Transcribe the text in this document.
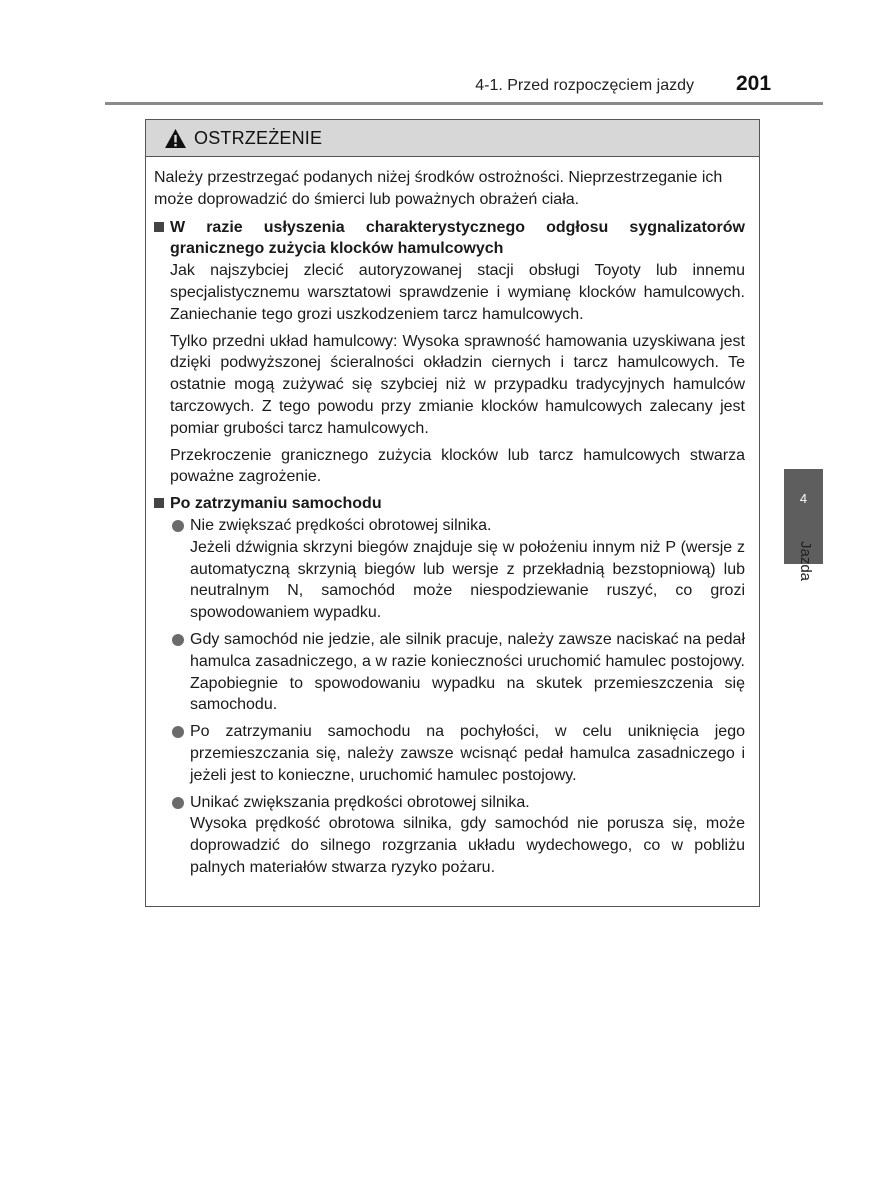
4-1. Przed rozpoczęciem jazdy 201
OSTRZEŻENIE

Należy przestrzegać podanych niżej środków ostrożności. Nieprzestrzeganie ich może doprowadzić do śmierci lub poważnych obrażeń ciała.

W razie usłyszenia charakterystycznego odgłosu sygnalizatorów granicznego zużycia klocków hamulcowych

Jak najszybciej zlecić autoryzowanej stacji obsługi Toyoty lub innemu specjalistycznemu warsztatowi sprawdzenie i wymianę klocków hamulcowych. Zaniechanie tego grozi uszkodzeniem tarcz hamulcowych.

Tylko przedni układ hamulcowy: Wysoka sprawność hamowania uzyskiwana jest dzięki podwyższonej ścieralności okładzin ciernych i tarcz hamulcowych. Te ostatnie mogą zużywać się szybciej niż w przypadku tradycyjnych hamulców tarczowych. Z tego powodu przy zmianie klocków hamulcowych zalecany jest pomiar grubości tarcz hamulcowych.

Przekroczenie granicznego zużycia klocków lub tarcz hamulcowych stwarza poważne zagrożenie.

Po zatrzymaniu samochodu

Nie zwiększać prędkości obrotowej silnika.
Jeżeli dźwignia skrzyni biegów znajduje się w położeniu innym niż P (wersje z automatyczną skrzynią biegów lub wersje z przekładnią bezstopniową) lub neutralnym N, samochód może niespodziewanie ruszyć, co grozi spowodowaniem wypadku.
Gdy samochód nie jedzie, ale silnik pracuje, należy zawsze naciskać na pedał hamulca zasadniczego, a w razie konieczności uruchomić hamulec postojowy. Zapobiegnie to spowodowaniu wypadku na skutek przemieszczenia się samochodu.
Po zatrzymaniu samochodu na pochyłości, w celu uniknięcia jego przemieszczania się, należy zawsze wcisnąć pedał hamulca zasadniczego i jeżeli jest to konieczne, uruchomić hamulec postojowy.
Unikać zwiększania prędkości obrotowej silnika.
Wysoka prędkość obrotowa silnika, gdy samochód nie porusza się, może doprowadzić do silnego rozgrzania układu wydechowego, co w pobliżu palnych materiałów stwarza ryzyko pożaru.
4
Jazda
